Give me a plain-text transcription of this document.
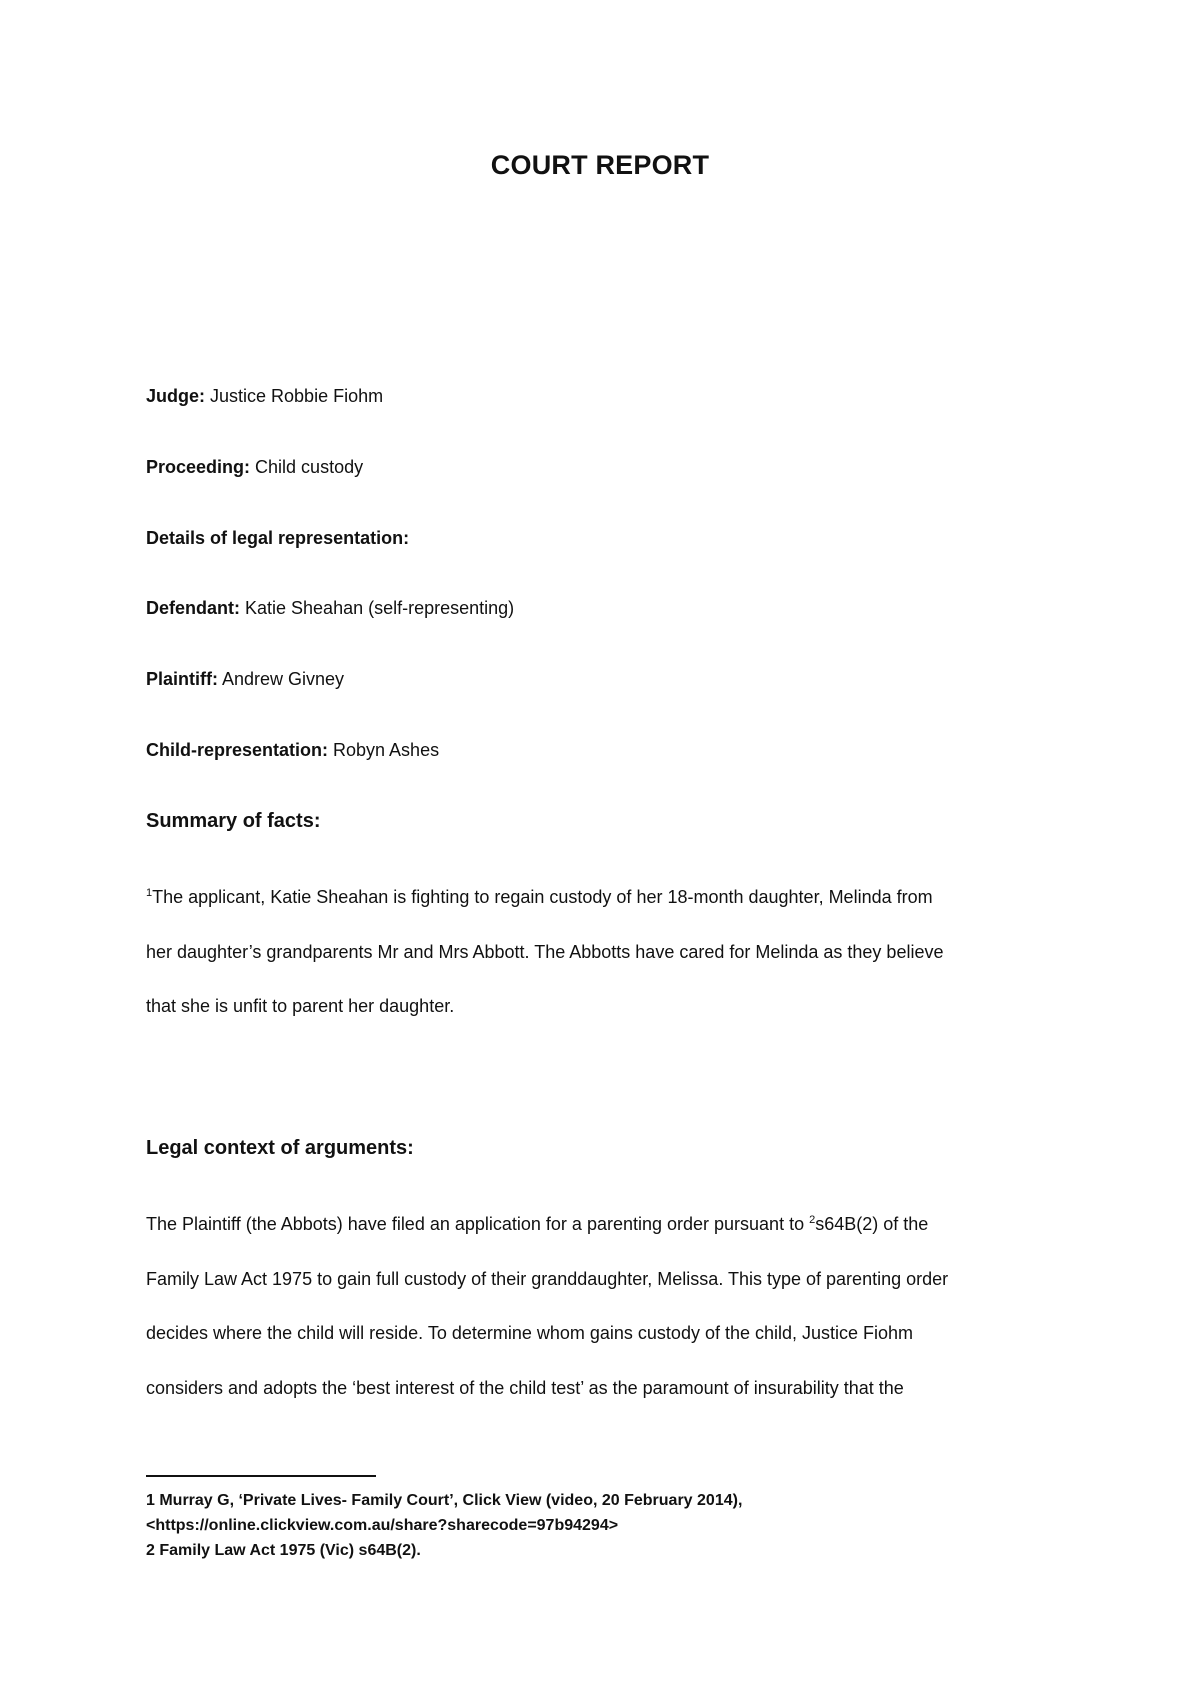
COURT REPORT
Judge: Justice Robbie Fiohm
Proceeding: Child custody
Details of legal representation:
Defendant: Katie Sheahan (self-representing)
Plaintiff: Andrew Givney
Child-representation: Robyn Ashes
Summary of facts:
$^1$The applicant, Katie Sheahan is fighting to regain custody of her 18-month daughter, Melinda from
her daughter’s grandparents Mr and Mrs Abbott. The Abbotts have cared for Melinda as they believe
that she is unfit to parent her daughter.
Legal context of arguments:
The Plaintiff (the Abbots) have filed an application for a parenting order pursuant to $^2$s64B(2) of the
Family Law Act 1975 to gain full custody of their granddaughter, Melissa. This type of parenting order
decides where the child will reside. To determine whom gains custody of the child, Justice Fiohm
considers and adopts the ‘best interest of the child test’ as the paramount of insurability that the
1 Murray G, ‘Private Lives- Family Court’, Click View (video, 20 February 2014),
<https://online.clickview.com.au/share?sharecode=97b94294>
2 Family Law Act 1975 (Vic) s64B(2).
